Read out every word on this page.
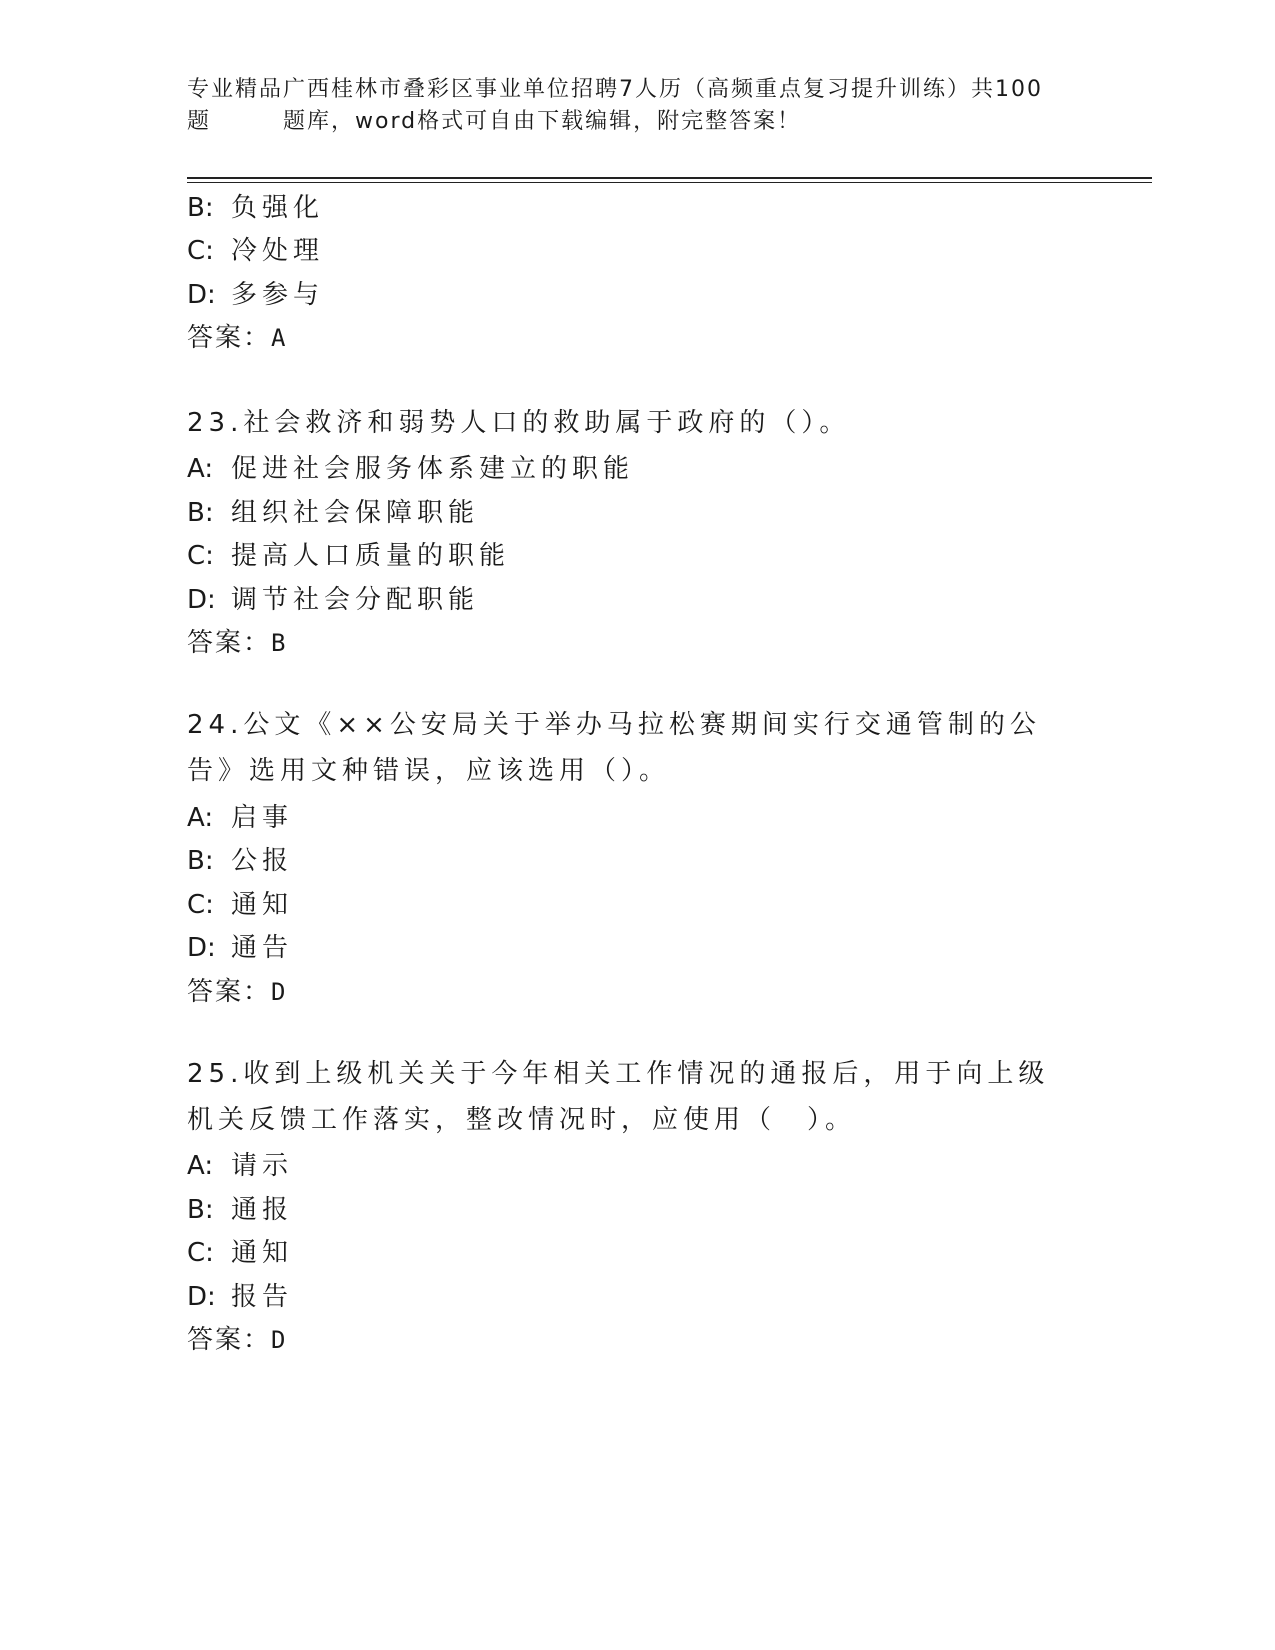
专业精品广西桂林市叠彩区事业单位招聘7人历（高频重点复习提升训练）共100
题	题库，word格式可自由下载编辑，附完整答案！
B: 负强化
C: 冷处理
D: 多参与
答案：A
23.社会救济和弱势人口的救助属于政府的（）。
A: 促进社会服务体系建立的职能
B: 组织社会保障职能
C: 提高人口质量的职能
D: 调节社会分配职能
答案：B
24.公文《××公安局关于举办马拉松赛期间实行交通管制的公告》选用文种错误，应该选用（）。
A: 启事
B: 公报
C: 通知
D: 通告
答案：D
25.收到上级机关关于今年相关工作情况的通报后，用于向上级机关反馈工作落实，整改情况时，应使用（　）。
A: 请示
B: 通报
C: 通知
D: 报告
答案：D
